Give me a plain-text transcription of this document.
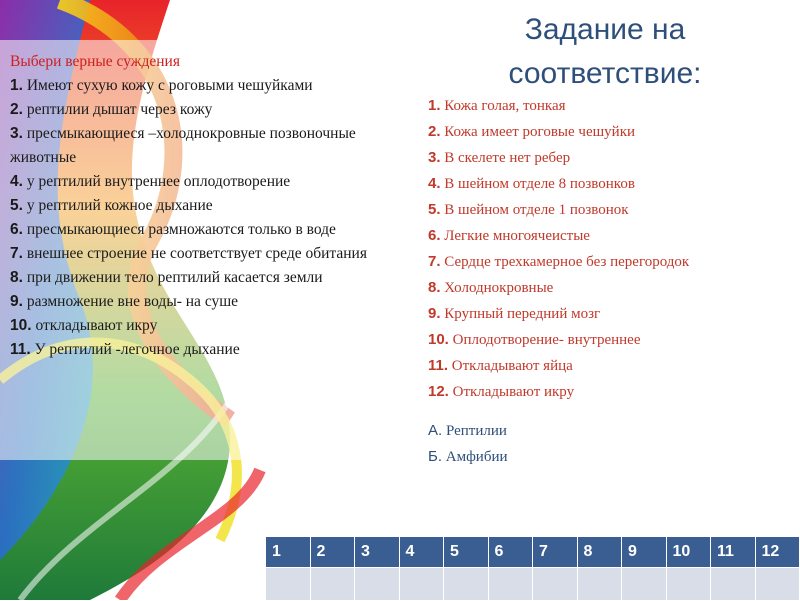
Выбери верные суждения
1. Имеют сухую кожу с роговыми чешуйками
2. рептилии дышат через кожу
3. пресмыкающиеся –холоднокровные позвоночные животные
4. у рептилий внутреннее оплодотворение
5. у рептилий кожное дыхание
6. пресмыкающиеся размножаются только в воде
7. внешнее строение не соответствует среде обитания
8. при движении тело рептилий касается земли
9. размножение вне воды- на суше
10. откладывают икру
11. У рептилий -легочное дыхание
Задание на соответствие:
1. Кожа голая, тонкая
2. Кожа имеет роговые чешуйки
3. В скелете нет ребер
4. В шейном отделе 8 позвонков
5. В шейном отделе 1 позвонок
6. Легкие многоячеистые
7. Сердце трехкамерное без перегородок
8. Холоднокровные
9. Крупный передний мозг
10. Оплодотворение- внутреннее
11. Откладывают яйца
12. Откладывают икру
А. Рептилии
Б. Амфибии
1	2	3	4	5	6	7	8	9	10	11	12
